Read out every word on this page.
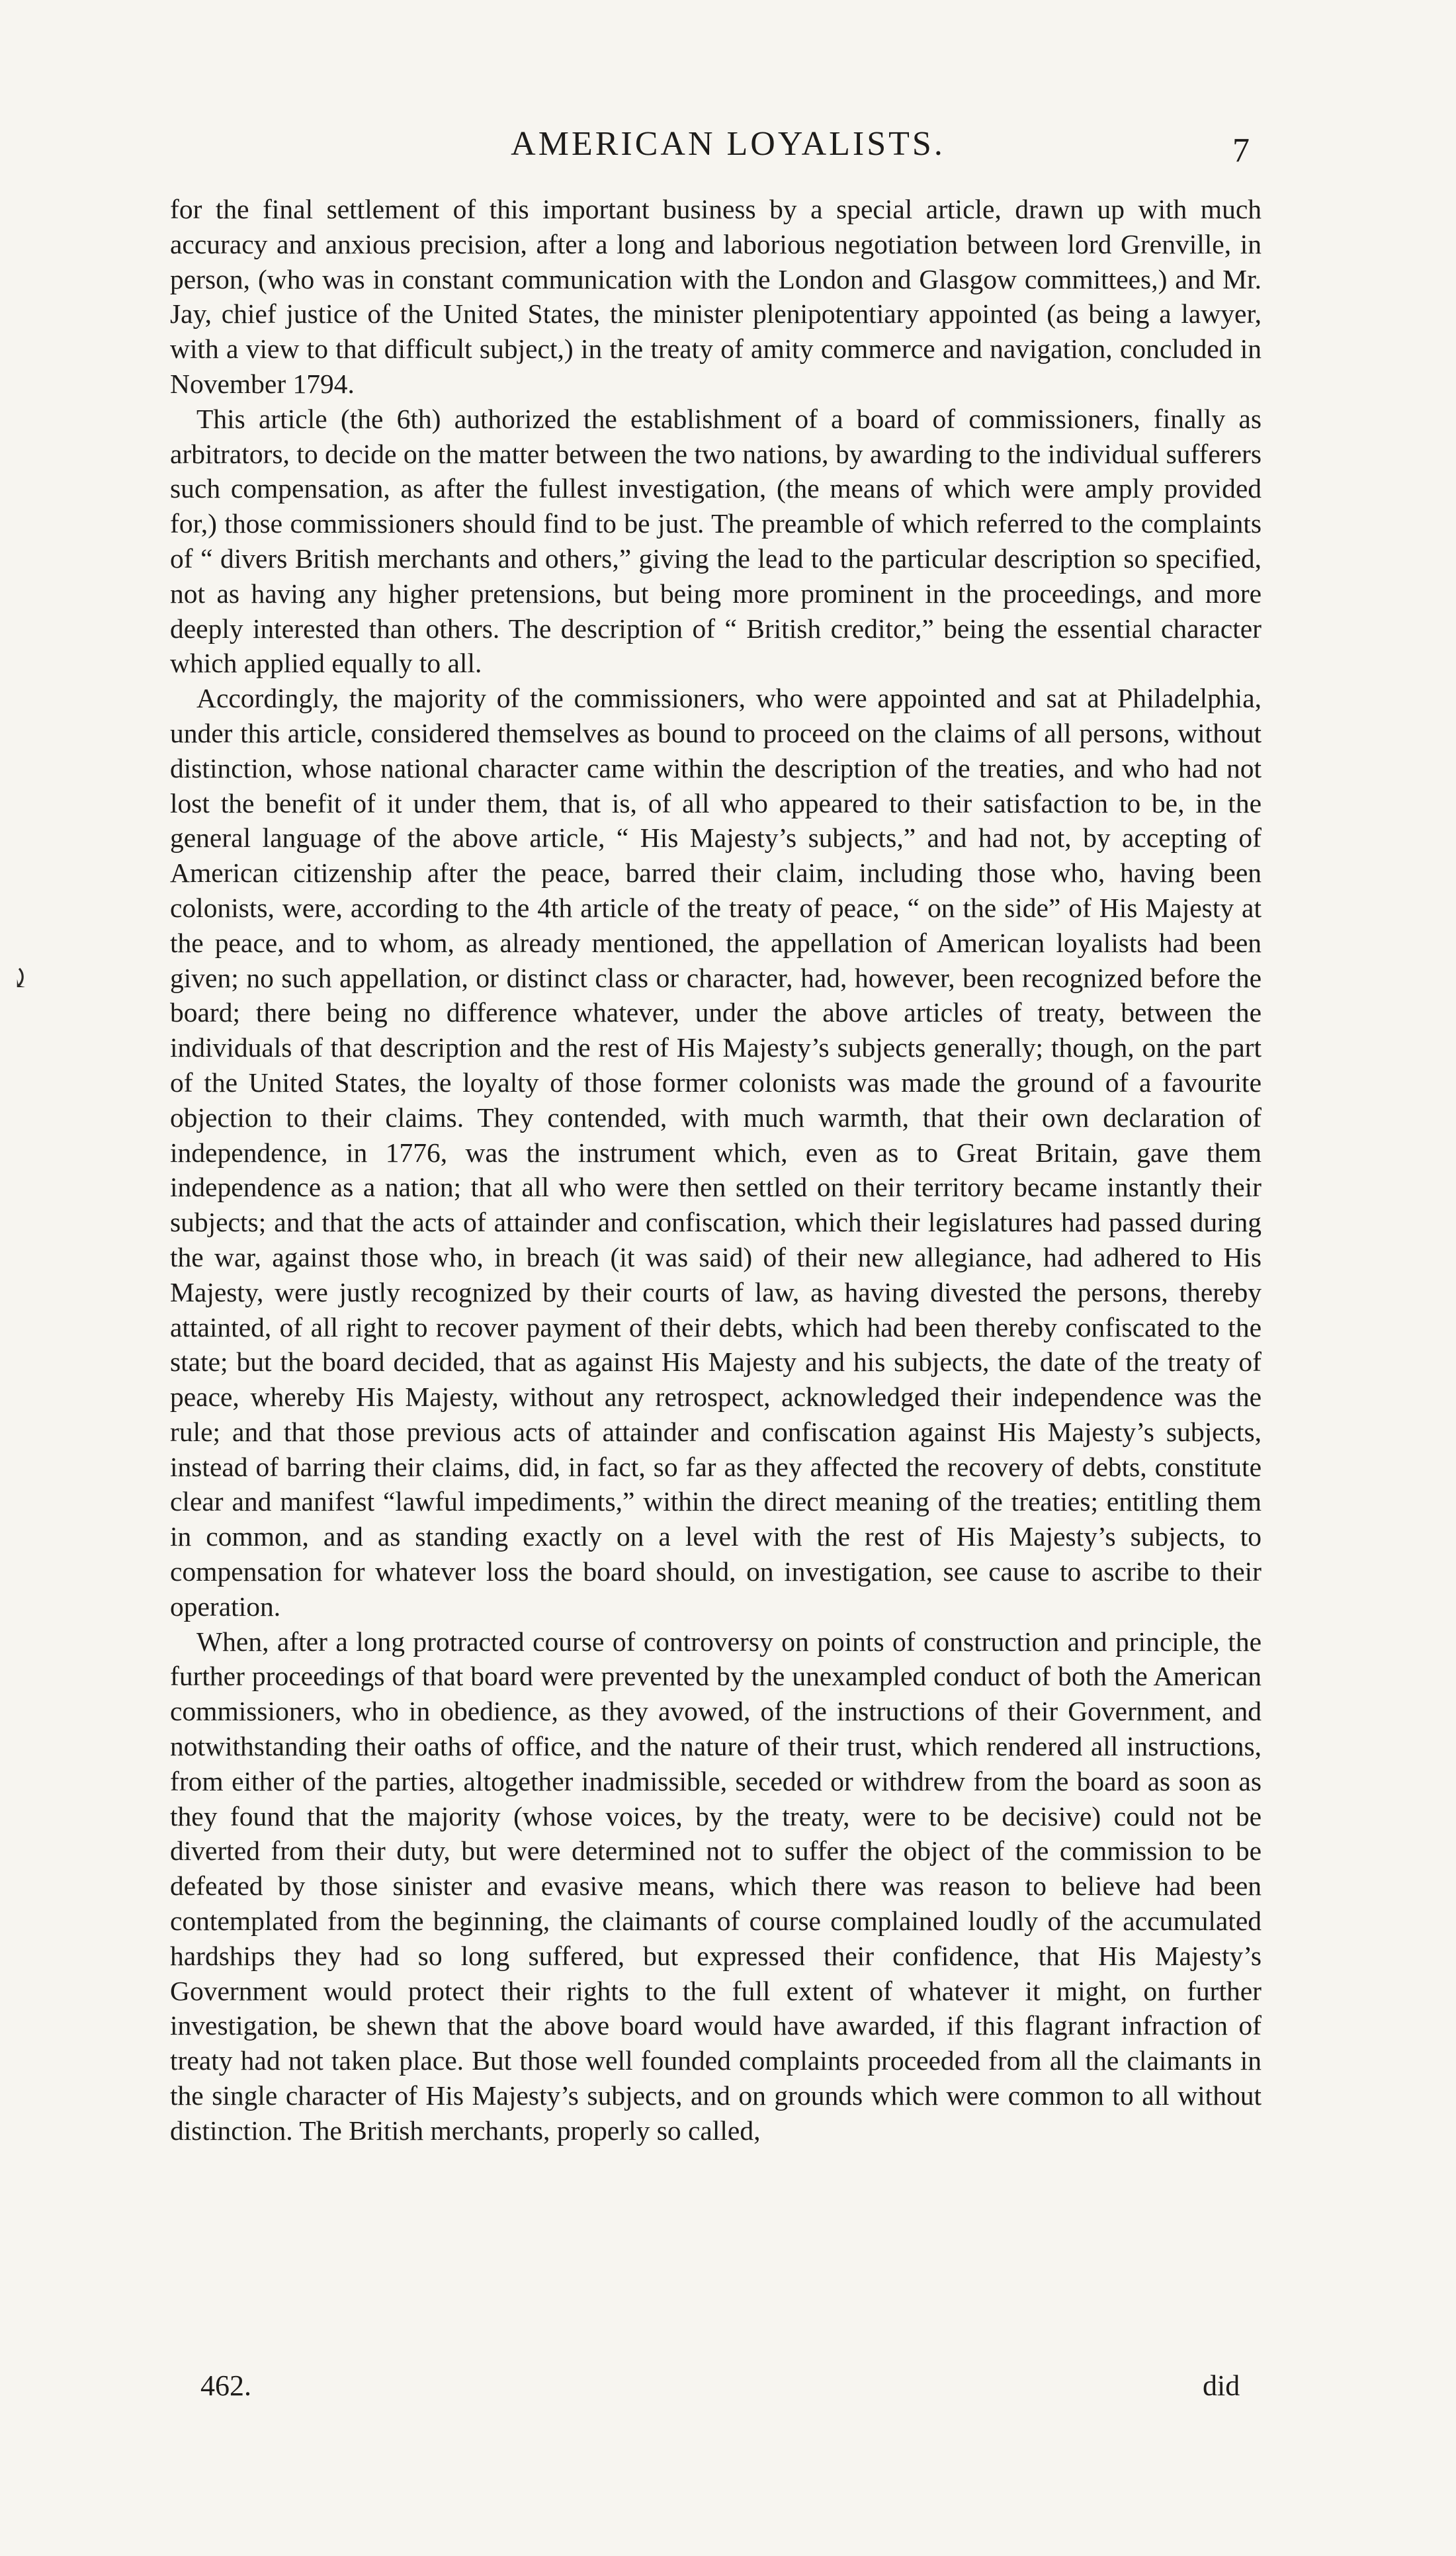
AMERICAN LOYALISTS.	7
⤸

for the final settlement of this important business by a special article, drawn up with much accuracy and anxious precision, after a long and laborious negotiation between lord Grenville, in person, (who was in constant communication with the London and Glasgow committees,) and Mr. Jay, chief justice of the United States, the minister plenipotentiary appointed (as being a lawyer, with a view to that difficult subject,) in the treaty of amity commerce and navigation, concluded in November 1794.

This article (the 6th) authorized the establishment of a board of commissioners, finally as arbitrators, to decide on the matter between the two nations, by awarding to the individual sufferers such compensation, as after the fullest investigation, (the means of which were amply provided for,) those commissioners should find to be just. The preamble of which referred to the complaints of “ divers British merchants and others,” giving the lead to the particular description so specified, not as having any higher pretensions, but being more prominent in the proceedings, and more deeply interested than others. The description of “ British creditor,” being the essential character which applied equally to all.

Accordingly, the majority of the commissioners, who were appointed and sat at Philadelphia, under this article, considered themselves as bound to proceed on the claims of all persons, without distinction, whose national character came within the description of the treaties, and who had not lost the benefit of it under them, that is, of all who appeared to their satisfaction to be, in the general language of the above article, “ His Majesty’s subjects,” and had not, by accepting of American citizenship after the peace, barred their claim, including those who, having been colonists, were, according to the 4th article of the treaty of peace, “ on the side” of His Majesty at the peace, and to whom, as already mentioned, the appellation of American loyalists had been given; no such appellation, or distinct class or character, had, however, been recognized before the board; there being no difference whatever, under the above articles of treaty, between the individuals of that description and the rest of His Majesty’s subjects generally; though, on the part of the United States, the loyalty of those former colonists was made the ground of a favourite objection to their claims. They contended, with much warmth, that their own declaration of independence, in 1776, was the instrument which, even as to Great Britain, gave them independence as a nation; that all who were then settled on their territory became instantly their subjects; and that the acts of attainder and confiscation, which their legislatures had passed during the war, against those who, in breach (it was said) of their new allegiance, had adhered to His Majesty, were justly recognized by their courts of law, as having divested the persons, thereby attainted, of all right to recover payment of their debts, which had been thereby confiscated to the state; but the board decided, that as against His Majesty and his subjects, the date of the treaty of peace, whereby His Majesty, without any retrospect, acknowledged their independence was the rule; and that those previous acts of attainder and confiscation against His Majesty’s subjects, instead of barring their claims, did, in fact, so far as they affected the recovery of debts, constitute clear and manifest “lawful impediments,” within the direct meaning of the treaties; entitling them in common, and as standing exactly on a level with the rest of His Majesty’s subjects, to compensation for whatever loss the board should, on investigation, see cause to ascribe to their operation.

When, after a long protracted course of controversy on points of construction and principle, the further proceedings of that board were prevented by the unexampled conduct of both the American commissioners, who in obedience, as they avowed, of the instructions of their Government, and notwithstanding their oaths of office, and the nature of their trust, which rendered all instructions, from either of the parties, altogether inadmissible, seceded or withdrew from the board as soon as they found that the majority (whose voices, by the treaty, were to be decisive) could not be diverted from their duty, but were determined not to suffer the object of the commission to be defeated by those sinister and evasive means, which there was reason to believe had been contemplated from the beginning, the claimants of course complained loudly of the accumulated hardships they had so long suffered, but expressed their confidence, that His Majesty’s Government would protect their rights to the full extent of whatever it might, on further investigation, be shewn that the above board would have awarded, if this flagrant infraction of treaty had not taken place. But those well founded complaints proceeded from all the claimants in the single character of His Majesty’s subjects, and on grounds which were common to all without distinction. The British merchants, properly so called,

462.	did
